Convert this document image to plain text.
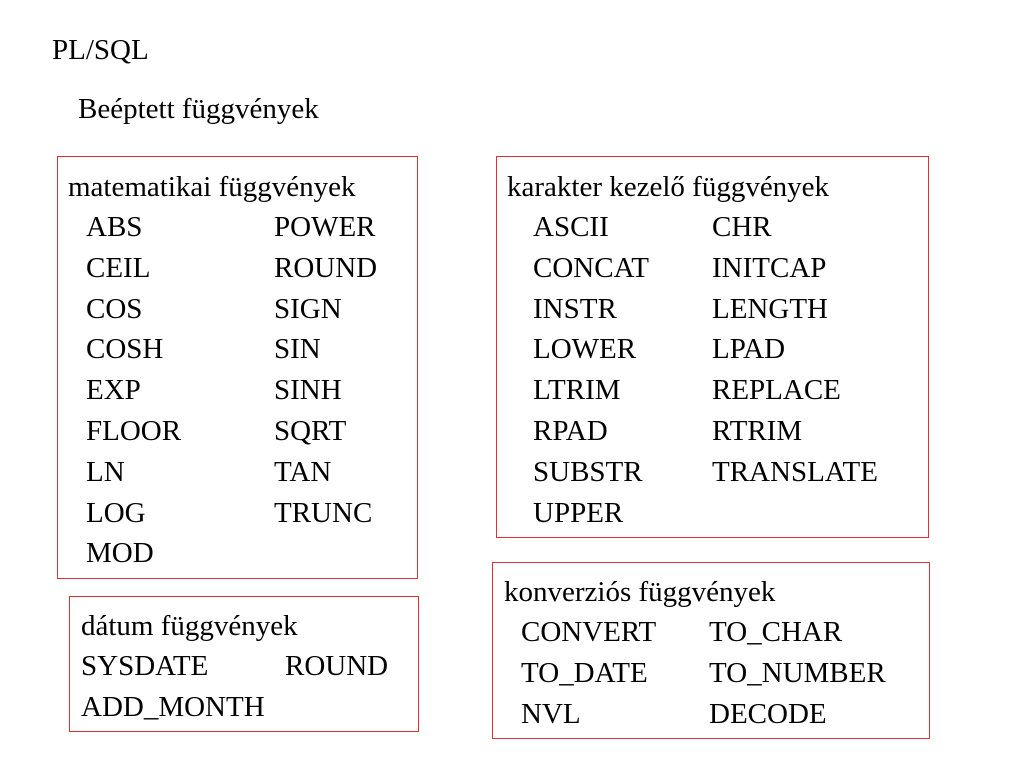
PL/SQL
Beéptett függvények
matematikai függvények
ABS
CEIL
COS
COSH
EXP
FLOOR
LN
LOG
MOD
POWER
ROUND
SIGN
SIN
SINH
SQRT
TAN
TRUNC
karakter kezelő függvények
ASCII
CONCAT
INSTR
LOWER
LTRIM
RPAD
SUBSTR
UPPER
CHR
INITCAP
LENGTH
LPAD
REPLACE
RTRIM
TRANSLATE
dátum függvények
SYSDATE
ADD_MONTH
ROUND
konverziós függvények
CONVERT
TO_DATE
NVL
TO_CHAR
TO_NUMBER
DECODE
